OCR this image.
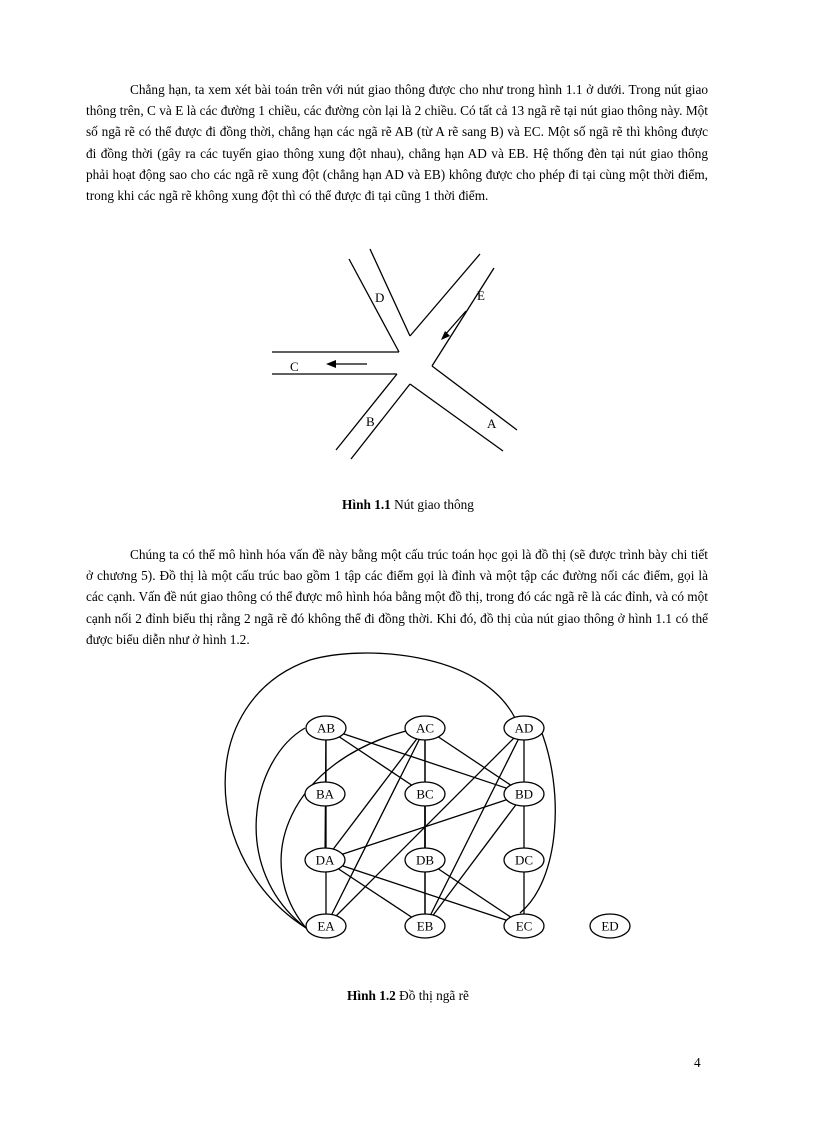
Chẳng hạn, ta xem xét bài toán trên với nút giao thông được cho như trong hình 1.1 ở dưới. Trong nút giao thông trên, C và E là các đường 1 chiều, các đường còn lại là 2 chiều. Có tất cả 13 ngã rẽ tại nút giao thông này. Một số ngã rẽ có thể được đi đồng thời, chẳng hạn các ngã rẽ AB (từ A rẽ sang B) và EC. Một số ngã rẽ thì không được đi đồng thời (gây ra các tuyến giao thông xung đột nhau), chẳng hạn AD và EB. Hệ thống đèn tại nút giao thông phải hoạt động sao cho các ngã rẽ xung đột (chẳng hạn AD và EB) không được cho phép đi tại cùng một thời điểm, trong khi các ngã rẽ không xung đột thì có thể được đi tại cũng 1 thời điểm.

D	E
C
B	A

Hình 1.1 Nút giao thông

Chúng ta có thể mô hình hóa vấn đề này bằng một cấu trúc toán học gọi là đồ thị (sẽ được trình bày chi tiết ở chương 5). Đồ thị là một cấu trúc bao gồm 1 tập các điểm gọi là đỉnh và một tập các đường nối các điểm, gọi là các cạnh. Vấn đề nút giao thông có thể được mô hình hóa bằng một đồ thị, trong đó các ngã rẽ là các đỉnh, và có một cạnh nối 2 đỉnh biểu thị rằng 2 ngã rẽ đó không thể đi đồng thời. Khi đó, đồ thị của nút giao thông ở hình 1.1 có thể được biểu diễn như ở hình 1.2.

AB	AC	AD
BA	BC	BD
DA	DB	DC
EA	EB	EC	ED

Hình 1.2 Đồ thị ngã rẽ

4
